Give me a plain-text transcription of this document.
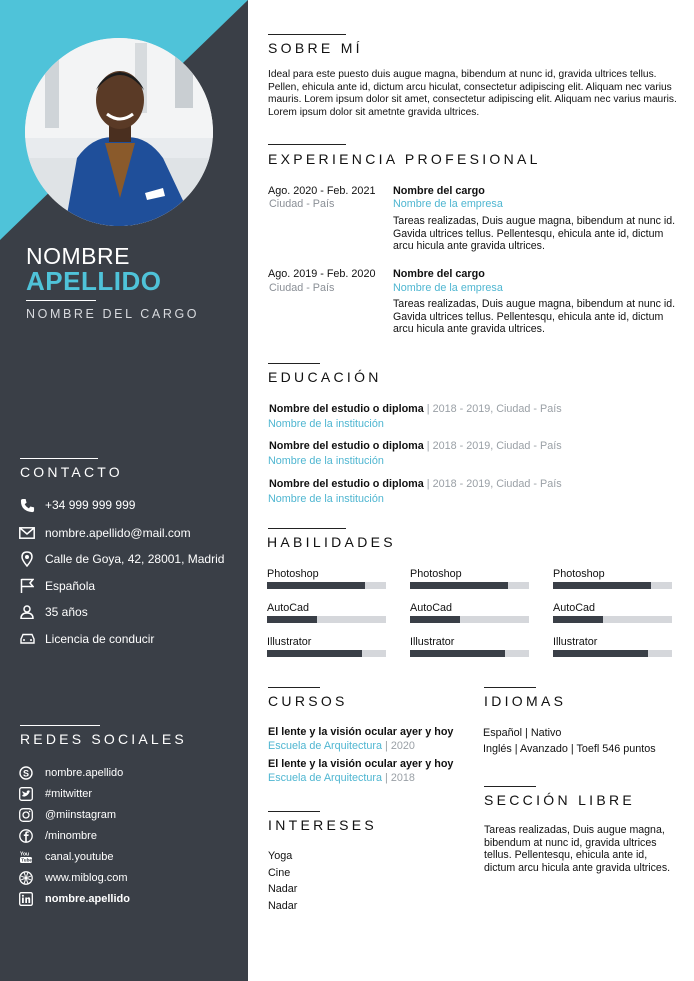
NOMBRE
APELLIDO
NOMBRE DEL CARGO
CONTACTO
+34 999 999 999
nombre.apellido@mail.com
Calle de Goya, 42, 28001, Madrid
Española
35 años
Licencia de conducir
REDES SOCIALES
S nombre.apellido
#mitwitter
@miinstagram
/minombre
You
Tube canal.youtube
www.miblog.com
nombre.apellido
SOBRE MÍ
Ideal para este puesto duis augue magna, bibendum at nunc id, gravida ultrices tellus. Pellen, ehicula ante id, dictum arcu hiculat, consectetur adipiscing elit. Aliquam nec varius mauris. Lorem ipsum dolor sit amet, consectetur adipiscing elit. Aliquam nec varius mauris. Lorem ipsum dolor sit ametnte gravida ultrices.
EXPERIENCIA PROFESIONAL
Ago. 2020 - Feb. 2021
Ciudad - País
Nombre del cargo
Nombre de la empresa
Tareas realizadas, Duis augue magna, bibendum at nunc id. Gavida ultrices tellus. Pellentesqu, ehicula ante id, dictum arcu hicula ante gravida ultrices.
Ago. 2019 - Feb. 2020
Ciudad - País
Nombre del cargo
Nombre de la empresa
Tareas realizadas, Duis augue magna, bibendum at nunc id. Gavida ultrices tellus. Pellentesqu, ehicula ante id, dictum arcu hicula ante gravida ultrices.
EDUCACIÓN
Nombre del estudio o diploma | 2018 - 2019, Ciudad - País
Nombre de la institución
Nombre del estudio o diploma | 2018 - 2019, Ciudad - País
Nombre de la institución
Nombre del estudio o diploma | 2018 - 2019, Ciudad - País
Nombre de la institución
HABILIDADES
Photoshop	Photoshop	Photoshop
AutoCad	AutoCad	AutoCad
Illustrator	Illustrator	Illustrator
CURSOS
El lente y la visión ocular ayer y hoy
Escuela de Arquitectura | 2020
El lente y la visión ocular ayer y hoy
Escuela de Arquitectura | 2018
IDIOMAS
Español | Nativo
Inglés | Avanzado | Toefl 546 puntos
SECCIÓN LIBRE
Tareas realizadas, Duis augue magna, bibendum at nunc id, gravida ultrices tellus. Pellentesqu, ehicula ante id, dictum arcu hicula ante gravida ultrices.
INTERESES
Yoga
Cine
Nadar
Nadar
